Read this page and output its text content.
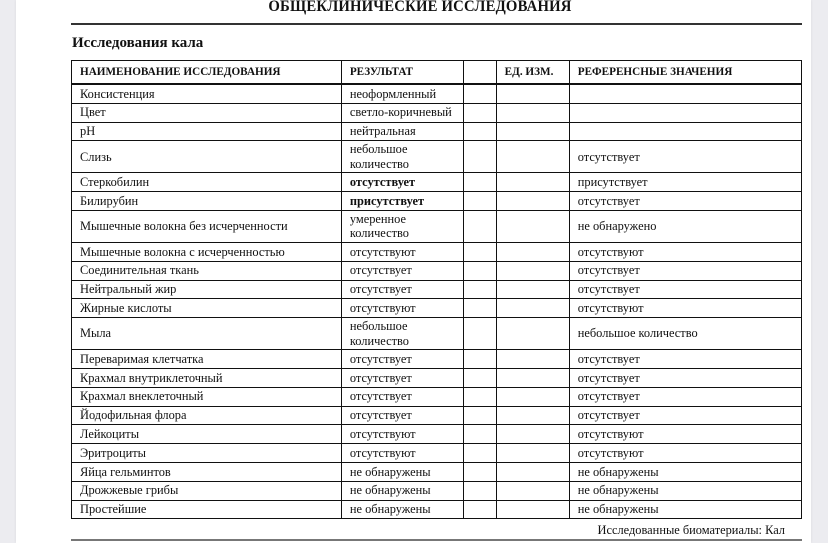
ОБЩЕКЛИНИЧЕСКИЕ ИССЛЕДОВАНИЯ
Исследования кала
НАИМЕНОВАНИЕ ИССЛЕДОВАНИЯ	РЕЗУЛЬТАТ		ЕД. ИЗМ.	РЕФЕРЕНСНЫЕ ЗНАЧЕНИЯ
Консистенция	неоформленный			
Цвет	светло-коричневый			
pH	нейтральная			
Слизь	небольшое количество			отсутствует
Стеркобилин	отсутствует			присутствует
Билирубин	присутствует			отсутствует
Мышечные волокна без исчерченности	умеренное количество			не обнаружено
Мышечные волокна с исчерченностью	отсутствуют			отсутствуют
Соединительная ткань	отсутствует			отсутствует
Нейтральный жир	отсутствует			отсутствует
Жирные кислоты	отсутствуют			отсутствуют
Мыла	небольшое количество			небольшое количество
Переваримая клетчатка	отсутствует			отсутствует
Крахмал внутриклеточный	отсутствует			отсутствует
Крахмал внеклеточный	отсутствует			отсутствует
Йодофильная флора	отсутствует			отсутствует
Лейкоциты	отсутствуют			отсутствуют
Эритроциты	отсутствуют			отсутствуют
Яйца гельминтов	не обнаружены			не обнаружены
Дрожжевые грибы	не обнаружены			не обнаружены
Простейшие	не обнаружены			не обнаружены
Исследованные биоматериалы: Кал
